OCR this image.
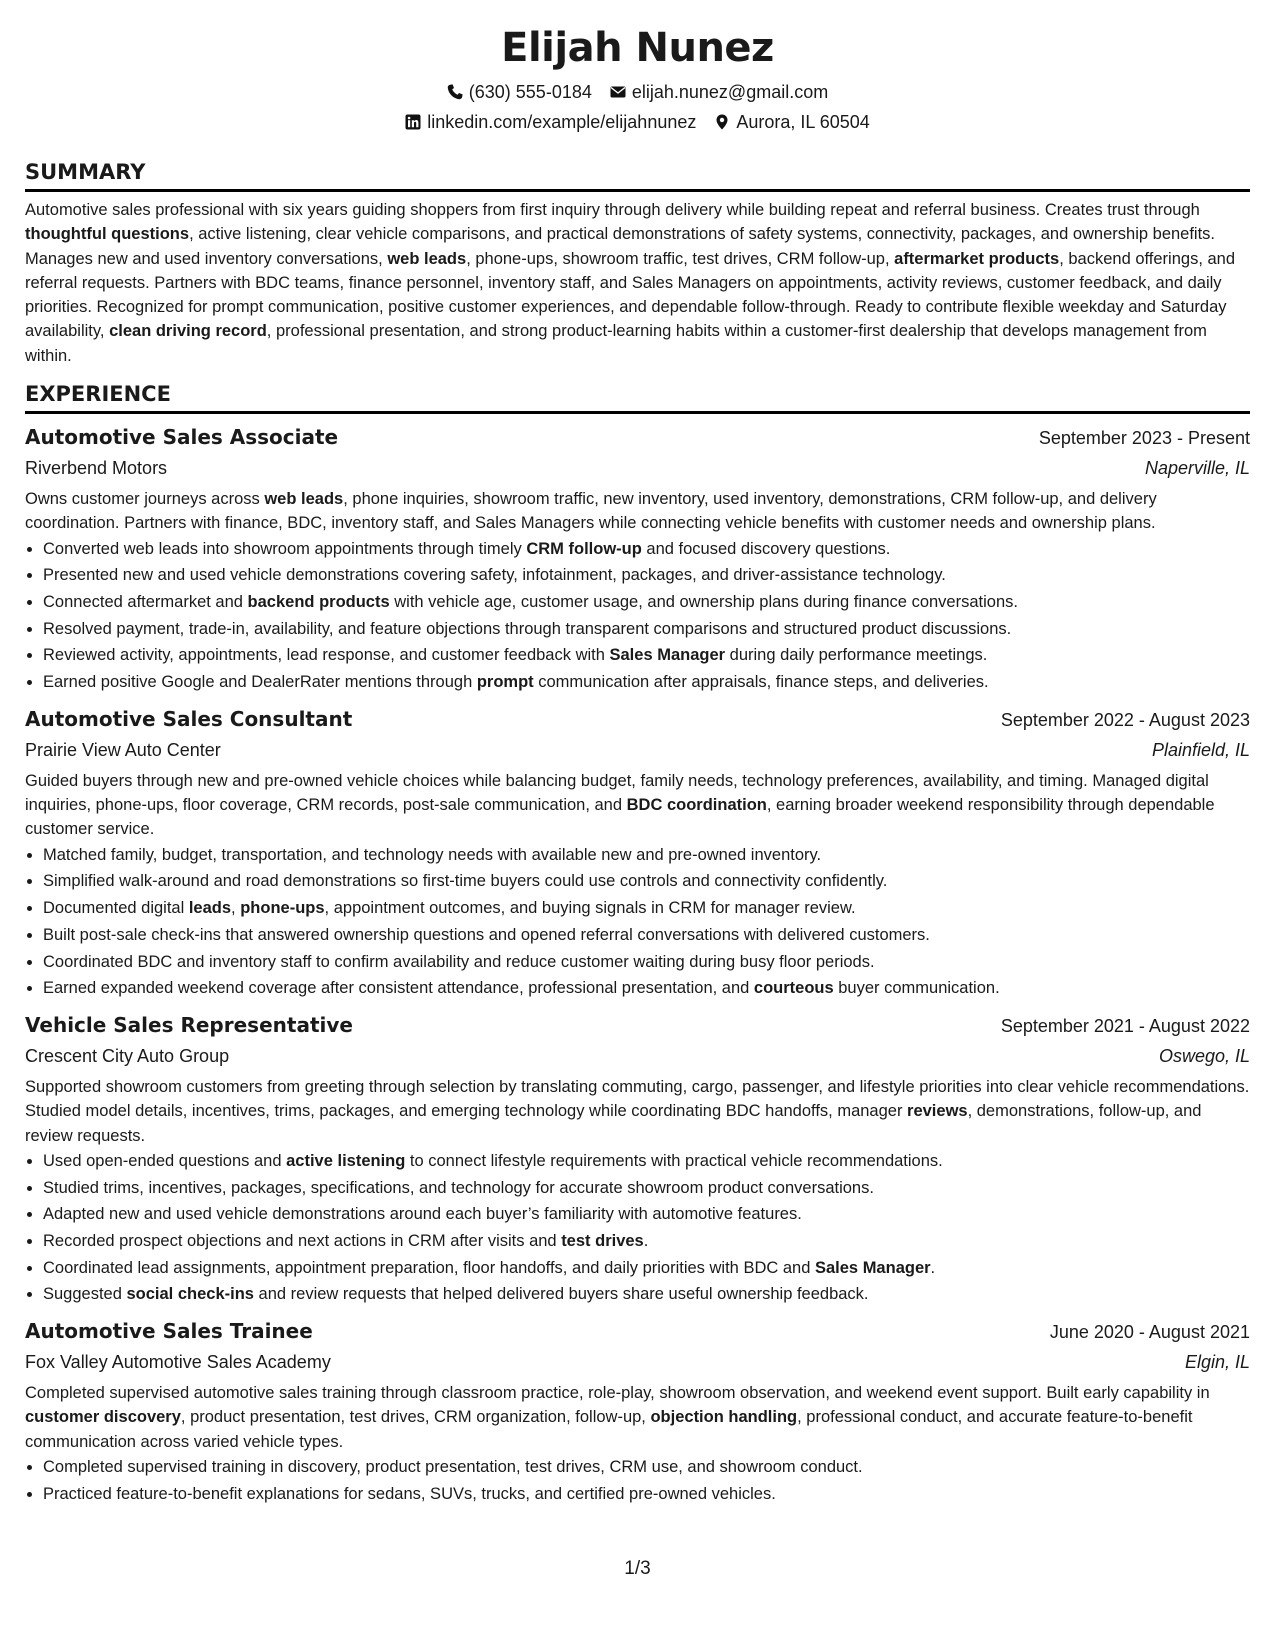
Elijah Nunez
(630) 555-0184 elijah.nunez@gmail.com
linkedin.com/example/elijahnunez Aurora, IL 60504
SUMMARY

Automotive sales professional with six years guiding shoppers from first inquiry through delivery while building repeat and referral business. Creates trust through thoughtful questions, active listening, clear vehicle comparisons, and practical demonstrations of safety systems, connectivity, packages, and ownership benefits. Manages new and used inventory conversations, web leads, phone-ups, showroom traffic, test drives, CRM follow-up, aftermarket products, backend offerings, and referral requests. Partners with BDC teams, finance personnel, inventory staff, and Sales Managers on appointments, activity reviews, customer feedback, and daily priorities. Recognized for prompt communication, positive customer experiences, and dependable follow-through. Ready to contribute flexible weekday and Saturday availability, clean driving record, professional presentation, and strong product-learning habits within a customer-first dealership that develops management from within.

EXPERIENCE
Automotive Sales Associate	September 2023 - Present
Riverbend Motors	Naperville, IL

Owns customer journeys across web leads, phone inquiries, showroom traffic, new inventory, used inventory, demonstrations, CRM follow-up, and delivery coordination. Partners with finance, BDC, inventory staff, and Sales Managers while connecting vehicle benefits with customer needs and ownership plans.

• Converted web leads into showroom appointments through timely CRM follow-up and focused discovery questions.
• Presented new and used vehicle demonstrations covering safety, infotainment, packages, and driver-assistance technology.
• Connected aftermarket and backend products with vehicle age, customer usage, and ownership plans during finance conversations.
• Resolved payment, trade-in, availability, and feature objections through transparent comparisons and structured product discussions.
• Reviewed activity, appointments, lead response, and customer feedback with Sales Manager during daily performance meetings.
• Earned positive Google and DealerRater mentions through prompt communication after appraisals, finance steps, and deliveries.
Automotive Sales Consultant	September 2022 - August 2023
Prairie View Auto Center	Plainfield, IL

Guided buyers through new and pre-owned vehicle choices while balancing budget, family needs, technology preferences, availability, and timing. Managed digital inquiries, phone-ups, floor coverage, CRM records, post-sale communication, and BDC coordination, earning broader weekend responsibility through dependable customer service.

• Matched family, budget, transportation, and technology needs with available new and pre-owned inventory.
• Simplified walk-around and road demonstrations so first-time buyers could use controls and connectivity confidently.
• Documented digital leads, phone-ups, appointment outcomes, and buying signals in CRM for manager review.
• Built post-sale check-ins that answered ownership questions and opened referral conversations with delivered customers.
• Coordinated BDC and inventory staff to confirm availability and reduce customer waiting during busy floor periods.
• Earned expanded weekend coverage after consistent attendance, professional presentation, and courteous buyer communication.
Vehicle Sales Representative	September 2021 - August 2022
Crescent City Auto Group	Oswego, IL

Supported showroom customers from greeting through selection by translating commuting, cargo, passenger, and lifestyle priorities into clear vehicle recommendations. Studied model details, incentives, trims, packages, and emerging technology while coordinating BDC handoffs, manager reviews, demonstrations, follow-up, and review requests.

• Used open-ended questions and active listening to connect lifestyle requirements with practical vehicle recommendations.
• Studied trims, incentives, packages, specifications, and technology for accurate showroom product conversations.
• Adapted new and used vehicle demonstrations around each buyer’s familiarity with automotive features.
• Recorded prospect objections and next actions in CRM after visits and test drives.
• Coordinated lead assignments, appointment preparation, floor handoffs, and daily priorities with BDC and Sales Manager.
• Suggested social check-ins and review requests that helped delivered buyers share useful ownership feedback.
Automotive Sales Trainee	June 2020 - August 2021
Fox Valley Automotive Sales Academy	Elgin, IL

Completed supervised automotive sales training through classroom practice, role-play, showroom observation, and weekend event support. Built early capability in customer discovery, product presentation, test drives, CRM organization, follow-up, objection handling, professional conduct, and accurate feature-to-benefit communication across varied vehicle types.

• Completed supervised training in discovery, product presentation, test drives, CRM use, and showroom conduct.
• Practiced feature-to-benefit explanations for sedans, SUVs, trucks, and certified pre-owned vehicles.
1/3
